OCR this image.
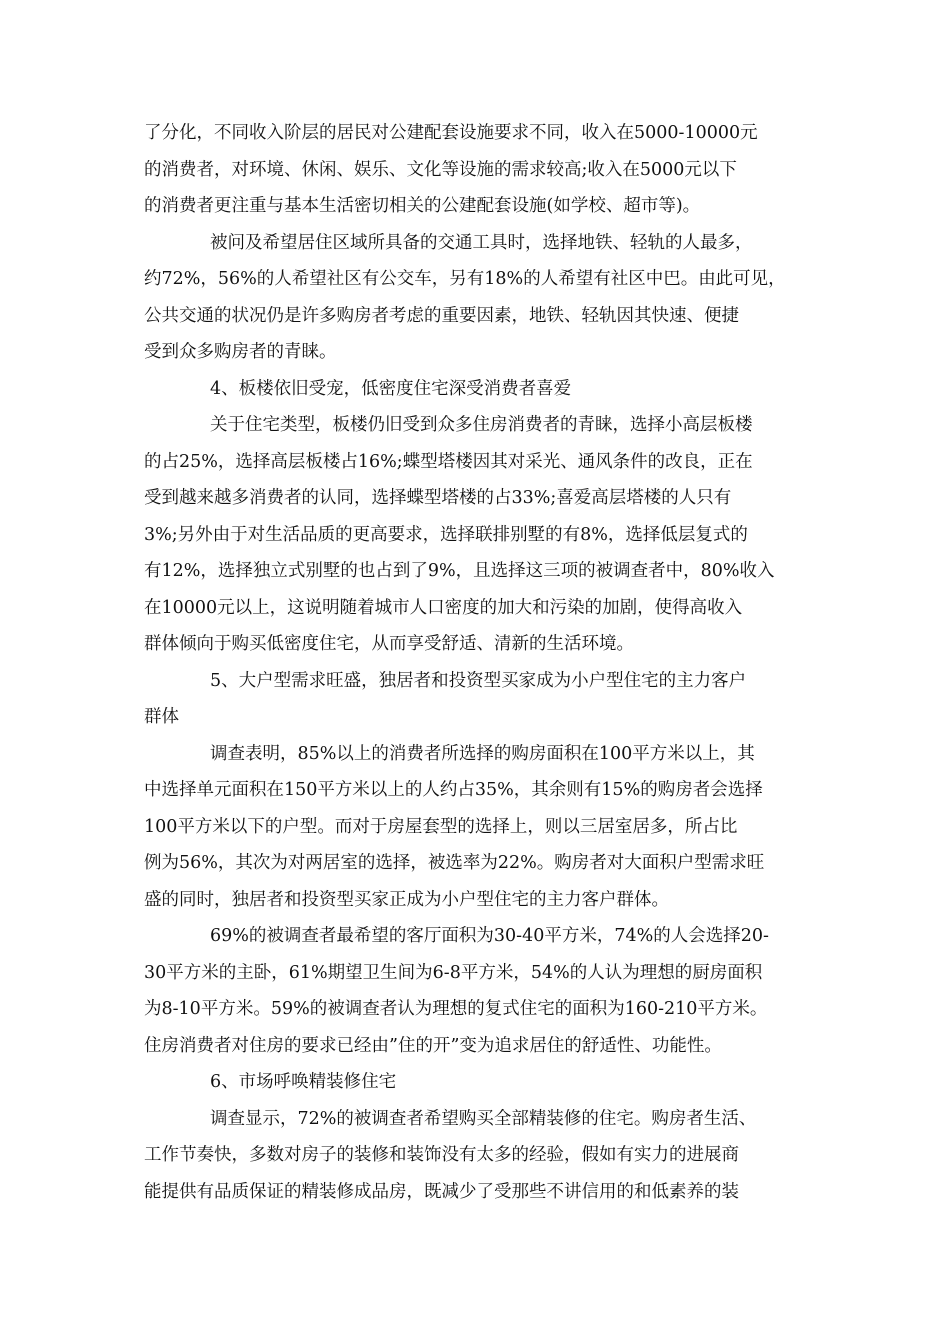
了分化，不同收入阶层的居民对公建配套设施要求不同，收入在5000-10000元
的消费者，对环境、休闲、娱乐、文化等设施的需求较高;收入在5000元以下
的消费者更注重与基本生活密切相关的公建配套设施(如学校、超市等)。
被问及希望居住区域所具备的交通工具时，选择地铁、轻轨的人最多，
约72%，56%的人希望社区有公交车，另有18%的人希望有社区中巴。由此可见，
公共交通的状况仍是许多购房者考虑的重要因素，地铁、轻轨因其快速、便捷
受到众多购房者的青睐。
4、板楼依旧受宠，低密度住宅深受消费者喜爱
关于住宅类型，板楼仍旧受到众多住房消费者的青睐，选择小高层板楼
的占25%，选择高层板楼占16%;蝶型塔楼因其对采光、通风条件的改良，正在
受到越来越多消费者的认同，选择蝶型塔楼的占33%;喜爱高层塔楼的人只有
3%;另外由于对生活品质的更高要求，选择联排别墅的有8%，选择低层复式的
有12%，选择独立式别墅的也占到了9%，且选择这三项的被调查者中，80%收入
在10000元以上，这说明随着城市人口密度的加大和污染的加剧，使得高收入
群体倾向于购买低密度住宅，从而享受舒适、清新的生活环境。
5、大户型需求旺盛，独居者和投资型买家成为小户型住宅的主力客户
群体
调查表明，85%以上的消费者所选择的购房面积在100平方米以上，其
中选择单元面积在150平方米以上的人约占35%，其余则有15%的购房者会选择
100平方米以下的户型。而对于房屋套型的选择上，则以三居室居多，所占比
例为56%，其次为对两居室的选择，被选率为22%。购房者对大面积户型需求旺
盛的同时，独居者和投资型买家正成为小户型住宅的主力客户群体。
69%的被调查者最希望的客厅面积为30-40平方米，74%的人会选择20-
30平方米的主卧，61%期望卫生间为6-8平方米，54%的人认为理想的厨房面积
为8-10平方米。59%的被调查者认为理想的复式住宅的面积为160-210平方米。
住房消费者对住房的要求已经由”住的开”变为追求居住的舒适性、功能性。
6、市场呼唤精装修住宅
调查显示，72%的被调查者希望购买全部精装修的住宅。购房者生活、
工作节奏快，多数对房子的装修和装饰没有太多的经验，假如有实力的进展商
能提供有品质保证的精装修成品房，既减少了受那些不讲信用的和低素养的装
